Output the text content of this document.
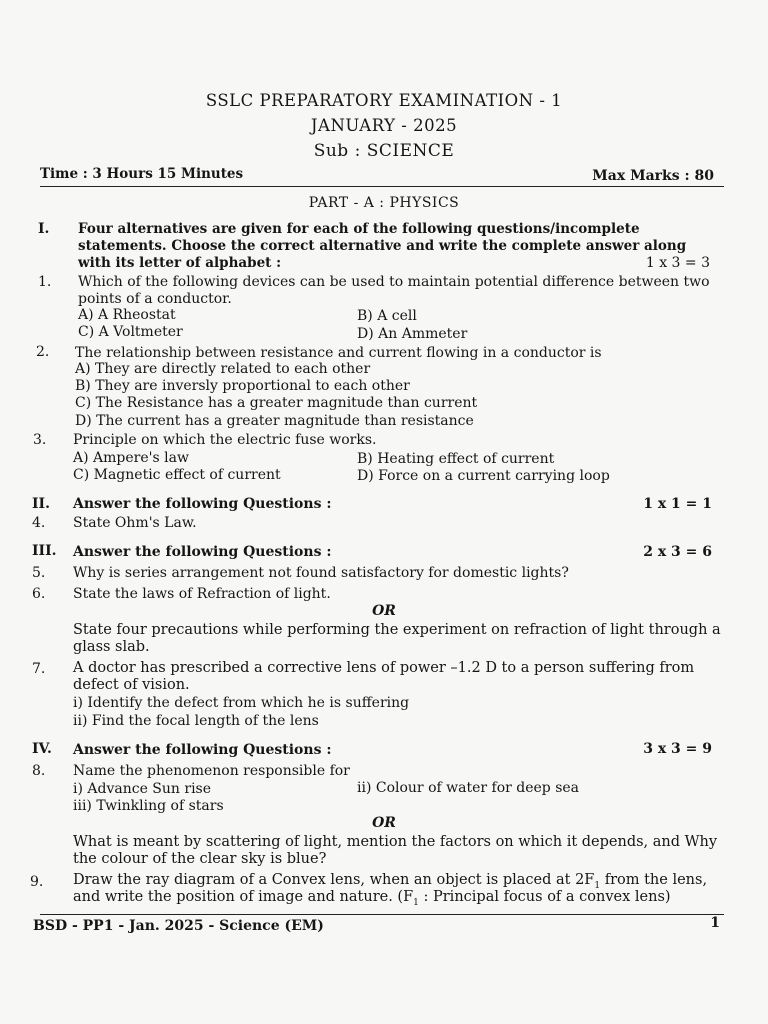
SSLC PREPARATORY EXAMINATION - 1
JANUARY - 2025
Sub : SCIENCE
Time : 3 Hours 15 Minutes	Max Marks : 80
PART - A : PHYSICS
I. Four alternatives are given for each of the following questions/incomplete statements. Choose the correct alternative and write the complete answer along with its letter of alphabet :	1 x 3 = 3
1. Which of the following devices can be used to maintain potential difference between two points of a conductor.
A) A Rheostat	B) A cell
C) A Voltmeter	D) An Ammeter
2. The relationship between resistance and current flowing in a conductor is
A) They are directly related to each other
B) They are inversly proportional to each other
C) The Resistance has a greater magnitude than current
D) The current has a greater magnitude than resistance
3. Principle on which the electric fuse works.
A) Ampere's law	B) Heating effect of current
C) Magnetic effect of current	D) Force on a current carrying loop
II. Answer the following Questions :	1 x 1 = 1
4. State Ohm's Law.
III. Answer the following Questions :	2 x 3 = 6
5. Why is series arrangement not found satisfactory for domestic lights?
6. State the laws of Refraction of light.
OR
State four precautions while performing the experiment on refraction of light through a glass slab.
7. A doctor has prescribed a corrective lens of power –1.2 D to a person suffering from defect of vision.
i) Identify the defect from which he is suffering
ii) Find the focal length of the lens
IV. Answer the following Questions :	3 x 3 = 9
8. Name the phenomenon responsible for
i) Advance Sun rise	ii) Colour of water for deep sea
iii) Twinkling of stars
OR
What is meant by scattering of light, mention the factors on which it depends, and Why the colour of the clear sky is blue?
9. Draw the ray diagram of a Convex lens, when an object is placed at $2F_1$ from the lens,
and write the position of image and nature. ($F_1$ : Principal focus of a convex lens)
BSD - PP1 - Jan. 2025 - Science (EM)	1
